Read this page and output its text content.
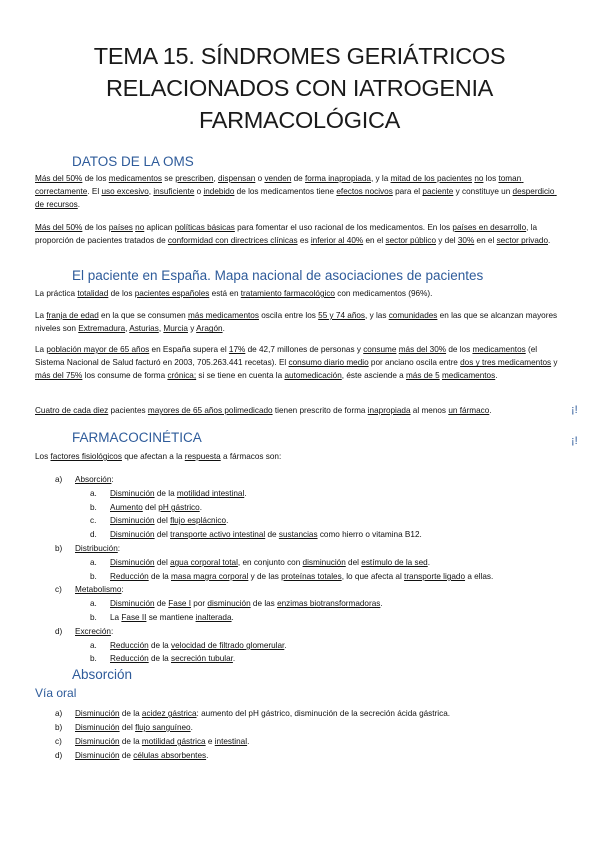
TEMA 15. SÍNDROMES GERIÁTRICOS
RELACIONADOS CON IATROGENIA
FARMACOLÓGICA
DATOS DE LA OMS
Más del 50% de los medicamentos se prescriben, dispensan o venden de forma inapropiada, y la mitad de los pacientes no los toman correctamente. El uso excesivo, insuficiente o indebido de los medicamentos tiene efectos nocivos para el paciente y constituye un desperdicio de recursos.
Más del 50% de los países no aplican políticas básicas para fomentar el uso racional de los medicamentos. En los países en desarrollo, la proporción de pacientes tratados de conformidad con directrices clínicas es inferior al 40% en el sector público y del 30% en el sector privado.
El paciente en España. Mapa nacional de asociaciones de pacientes
La práctica totalidad de los pacientes españoles está en tratamiento farmacológico con medicamentos (96%).
La franja de edad en la que se consumen más medicamentos oscila entre los 55 y 74 años, y las comunidades en las que se alcanzan mayores niveles son Extremadura, Asturias, Murcia y Aragón.
La población mayor de 65 años en España supera el 17% de 42,7 millones de personas y consume más del 30% de los medicamentos (el Sistema Nacional de Salud facturó en 2003, 705.263.441 recetas). El consumo diario medio por anciano oscila entre dos y tres medicamentos y más del 75% los consume de forma crónica; si se tiene en cuenta la automedicación, éste asciende a más de 5 medicamentos.
Cuatro de cada diez pacientes mayores de 65 años polimedicado tienen prescrito de forma inapropiada al menos un fármaco.	¡!
¡!
FARMACOCINÉTICA
Los factores fisiológicos que afectan a la respuesta a fármacos son:
a) Absorción:
a. Disminución de la motilidad intestinal.
b. Aumento del pH gástrico.
c. Disminución del flujo esplácnico.
d. Disminución del transporte activo intestinal de sustancias como hierro o vitamina B12.
b) Distribución:
a. Disminución del agua corporal total, en conjunto con disminución del estímulo de la sed.
b. Reducción de la masa magra corporal y de las proteínas totales, lo que afecta al transporte ligado a ellas.
c) Metabolismo:
a. Disminución de Fase I por disminución de las enzimas biotransformadoras.
b. La Fase II se mantiene inalterada.
d) Excreción:
a. Reducción de la velocidad de filtrado glomerular.
b. Reducción de la secreción tubular.
Absorción
Vía oral
a) Disminución de la acidez gástrica: aumento del pH gástrico, disminución de la secreción ácida gástrica.
b) Disminución del flujo sanguíneo.
c) Disminución de la motilidad gástrica e intestinal.
d) Disminución de células absorbentes.
